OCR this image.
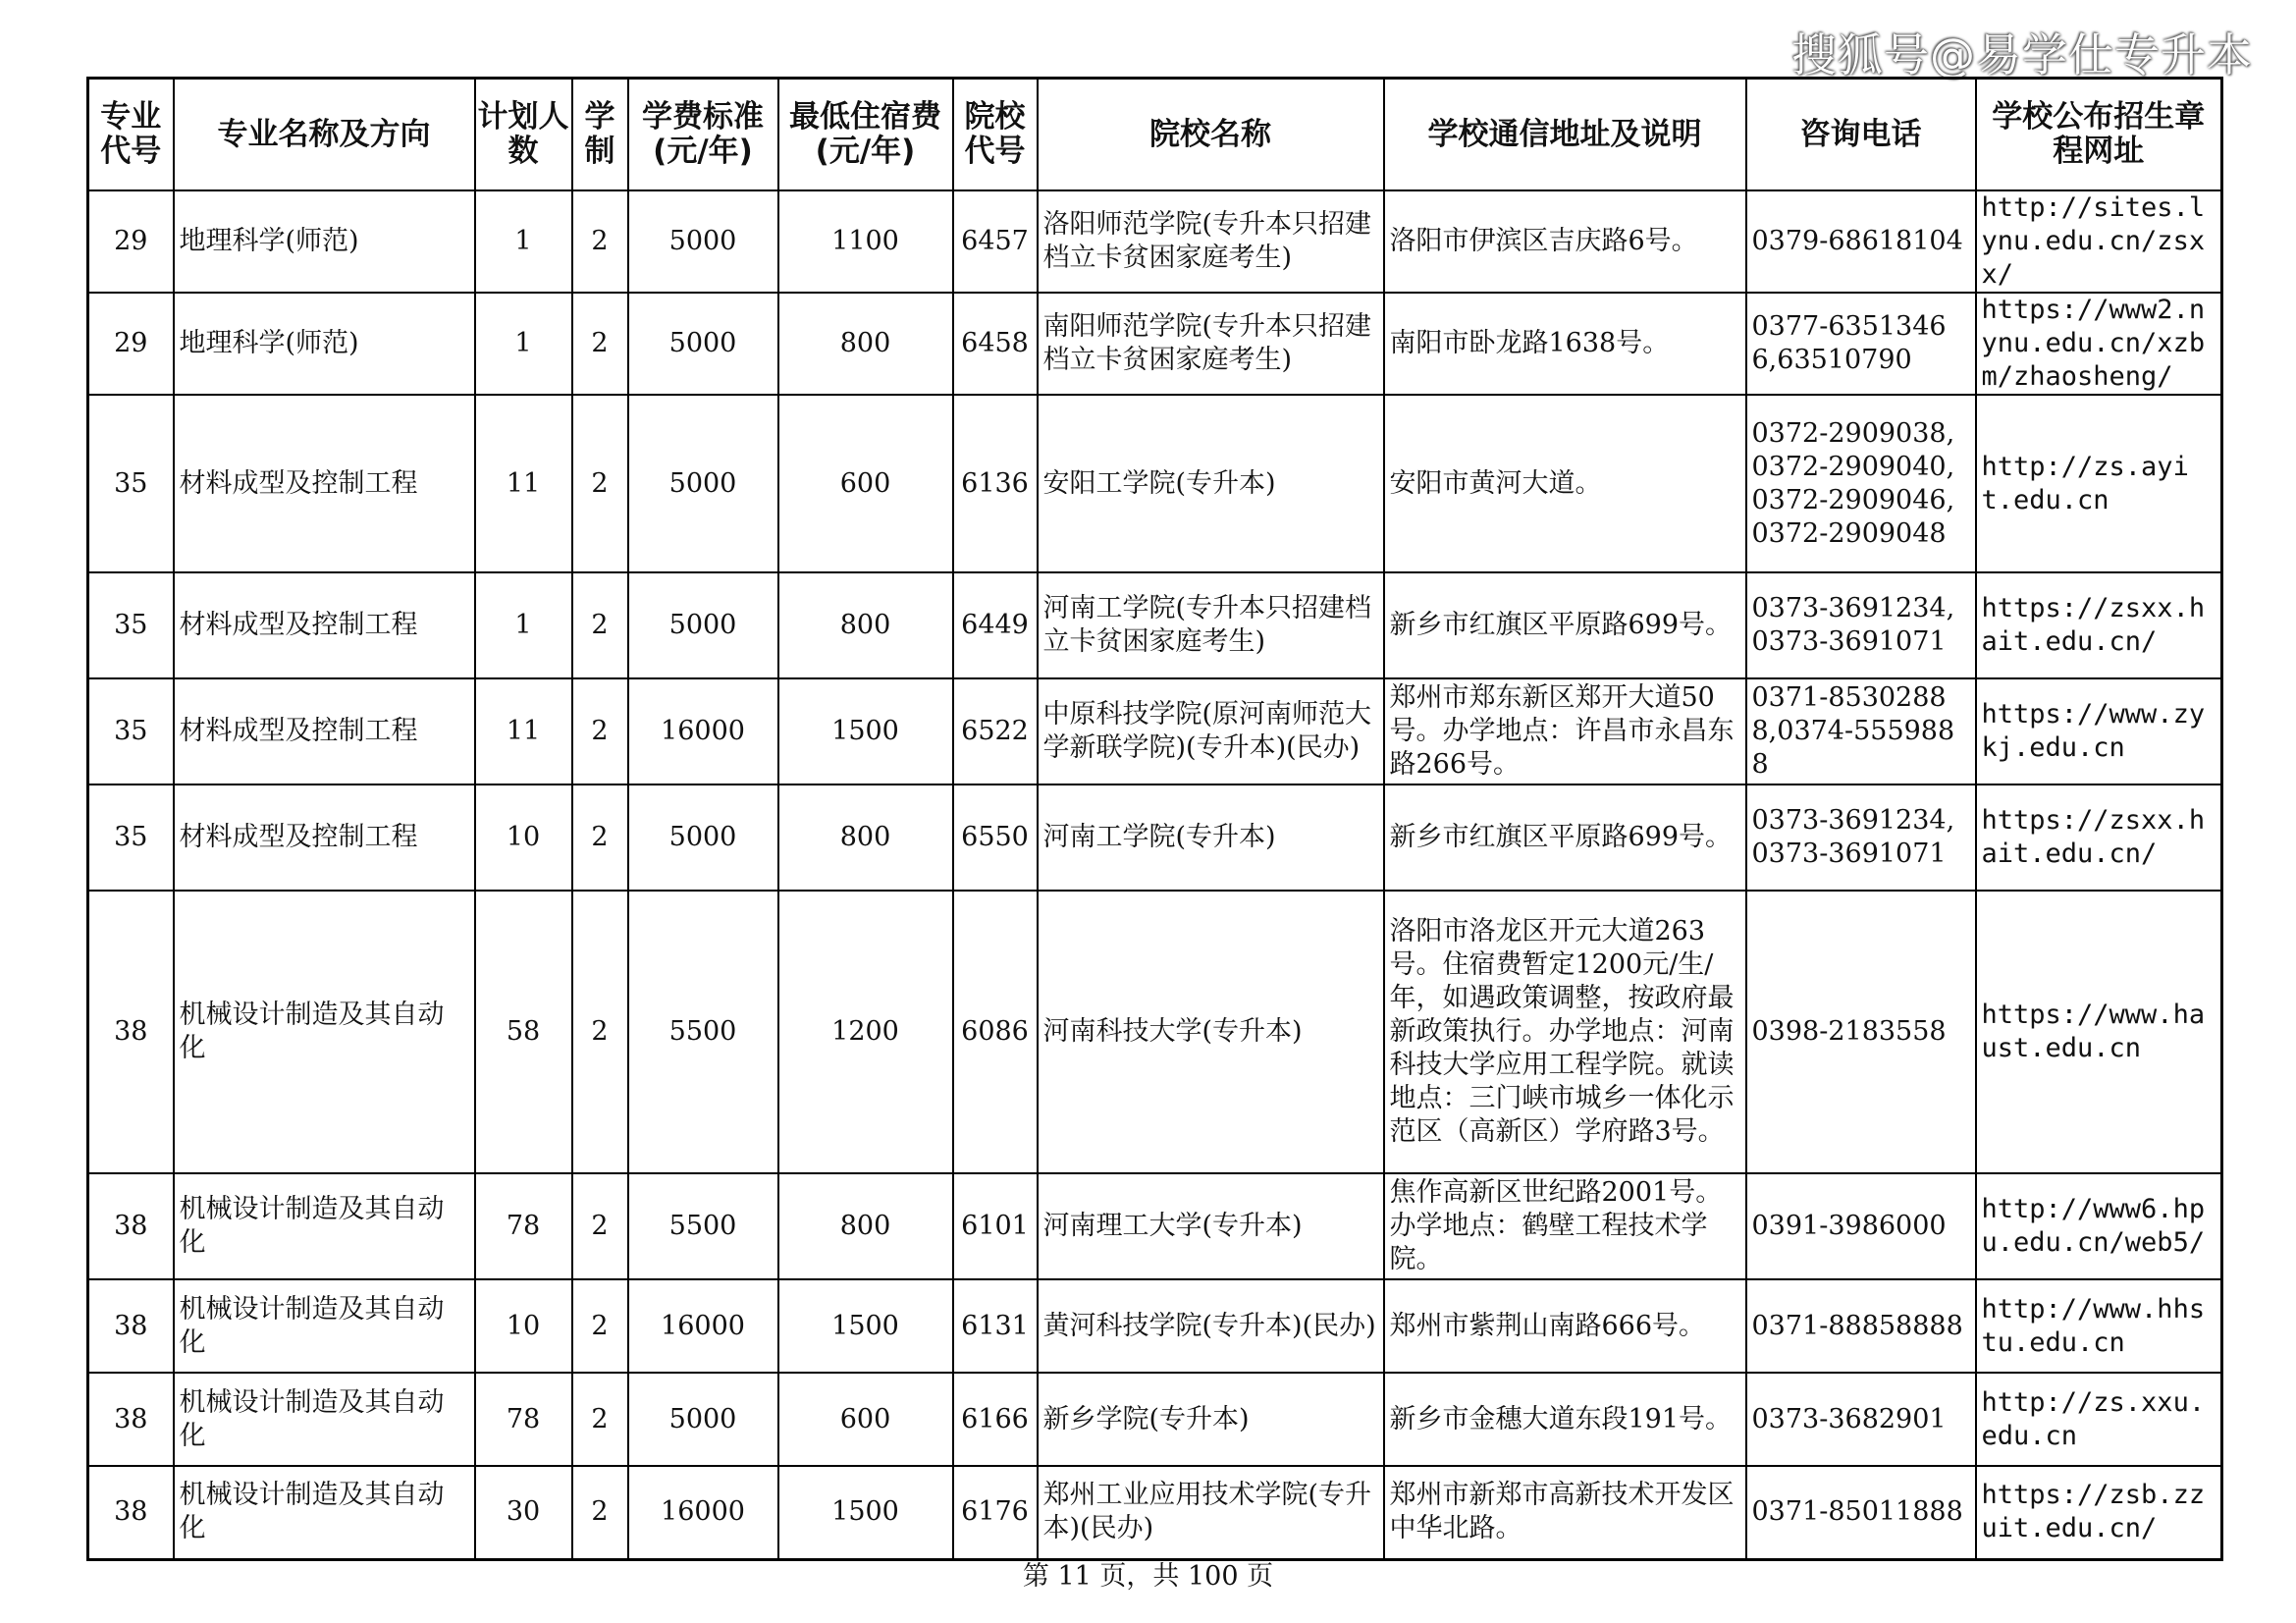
搜狐号@易学仕专升本
专业代号	专业名称及方向	计划人数	学制	学费标准(元/年)	最低住宿费(元/年)	院校代号	院校名称	学校通信地址及说明	咨询电话	学校公布招生章程网址
29	地理科学(师范)	1	2	5000	1100	6457	洛阳师范学院(专升本只招建档立卡贫困家庭考生)	洛阳市伊滨区吉庆路6号。	0379-68618104	http://sites.lynu.edu.cn/zsxx/
29	地理科学(师范)	1	2	5000	800	6458	南阳师范学院(专升本只招建档立卡贫困家庭考生)	南阳市卧龙路1638号。	0377-63513466,63510790	https://www2.nynu.edu.cn/xzbm/zhaosheng/
35	材料成型及控制工程	11	2	5000	600	6136	安阳工学院(专升本)	安阳市黄河大道。	0372-2909038,0372-2909040,0372-2909046,0372-2909048	http://zs.ayit.edu.cn
35	材料成型及控制工程	1	2	5000	800	6449	河南工学院(专升本只招建档立卡贫困家庭考生)	新乡市红旗区平原路699号。	0373-3691234,0373-3691071	https://zsxx.hait.edu.cn/
35	材料成型及控制工程	11	2	16000	1500	6522	中原科技学院(原河南师范大学新联学院)(专升本)(民办)	郑州市郑东新区郑开大道50号。办学地点：许昌市永昌东路266号。	0371-85302888,0374-5559888	https://www.zykj.edu.cn
35	材料成型及控制工程	10	2	5000	800	6550	河南工学院(专升本)	新乡市红旗区平原路699号。	0373-3691234,0373-3691071	https://zsxx.hait.edu.cn/
38	机械设计制造及其自动化	58	2	5500	1200	6086	河南科技大学(专升本)	洛阳市洛龙区开元大道263号。住宿费暂定1200元/生/年，如遇政策调整，按政府最新政策执行。办学地点：河南科技大学应用工程学院。就读地点：三门峡市城乡一体化示范区（高新区）学府路3号。	0398-2183558	https://www.haust.edu.cn
38	机械设计制造及其自动化	78	2	5500	800	6101	河南理工大学(专升本)	焦作高新区世纪路2001号。办学地点：鹤壁工程技术学院。	0391-3986000	http://www6.hpu.edu.cn/web5/
38	机械设计制造及其自动化	10	2	16000	1500	6131	黄河科技学院(专升本)(民办)	郑州市紫荆山南路666号。	0371-88858888	http://www.hhstu.edu.cn
38	机械设计制造及其自动化	78	2	5000	600	6166	新乡学院(专升本)	新乡市金穗大道东段191号。	0373-3682901	http://zs.xxu.edu.cn
38	机械设计制造及其自动化	30	2	16000	1500	6176	郑州工业应用技术学院(专升本)(民办)	郑州市新郑市高新技术开发区中华北路。	0371-85011888	https://zsb.zzuit.edu.cn/
第 11 页，共 100 页
